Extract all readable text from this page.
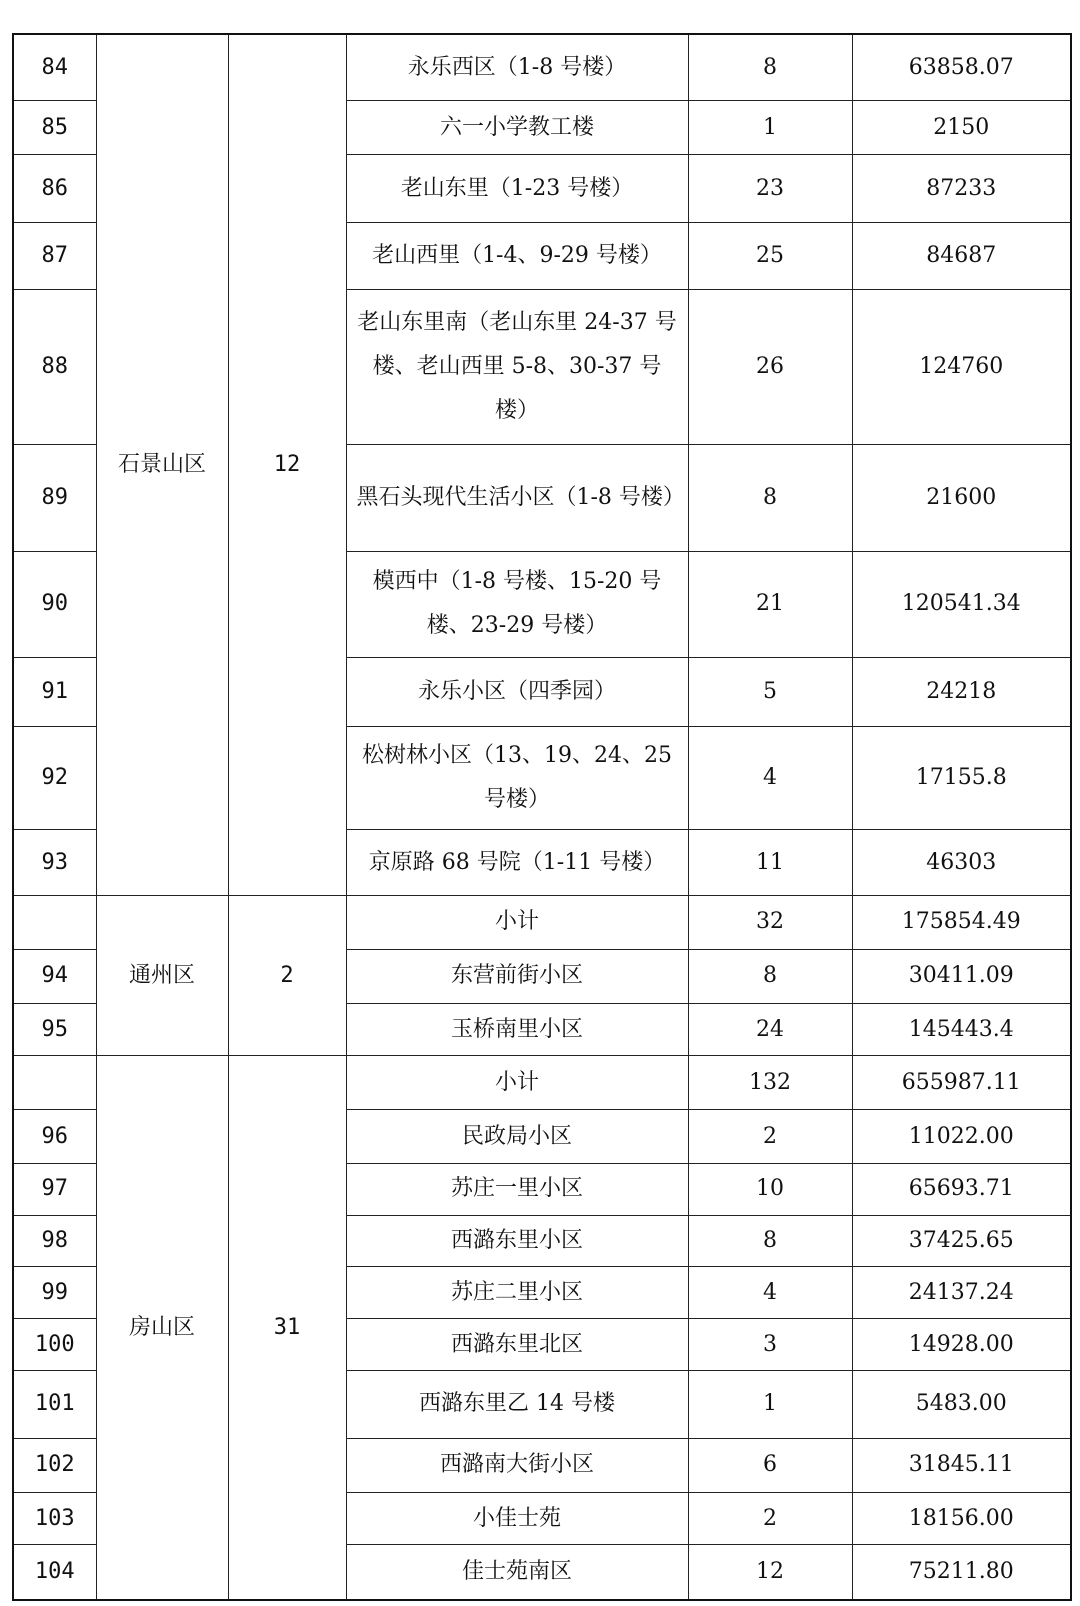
84	石景山区	12	永乐西区（1-8 号楼）	8	63858.07
85			六一小学教工楼	1	2150
86			老山东里（1-23 号楼）	23	87233
87			老山西里（1-4、9-29 号楼）	25	84687
88			老山东里南（老山东里 24-37 号楼、老山西里 5-8、30-37 号楼）	26	124760
89			黑石头现代生活小区（1-8 号楼）	8	21600
90			模西中（1-8 号楼、15-20 号楼、23-29 号楼）	21	120541.34
91			永乐小区（四季园）	5	24218
92			松树林小区（13、19、24、25 号楼）	4	17155.8
93			京原路 68 号院（1-11 号楼）	11	46303
	通州区	2	小计	32	175854.49
94			东营前街小区	8	30411.09
95			玉桥南里小区	24	145443.4
	房山区	31	小计	132	655987.11
96			民政局小区	2	11022.00
97			苏庄一里小区	10	65693.71
98			西潞东里小区	8	37425.65
99			苏庄二里小区	4	24137.24
100			西潞东里北区	3	14928.00
101			西潞东里乙 14 号楼	1	5483.00
102			西潞南大街小区	6	31845.11
103			小佳士苑	2	18156.00
104			佳士苑南区	12	75211.80
